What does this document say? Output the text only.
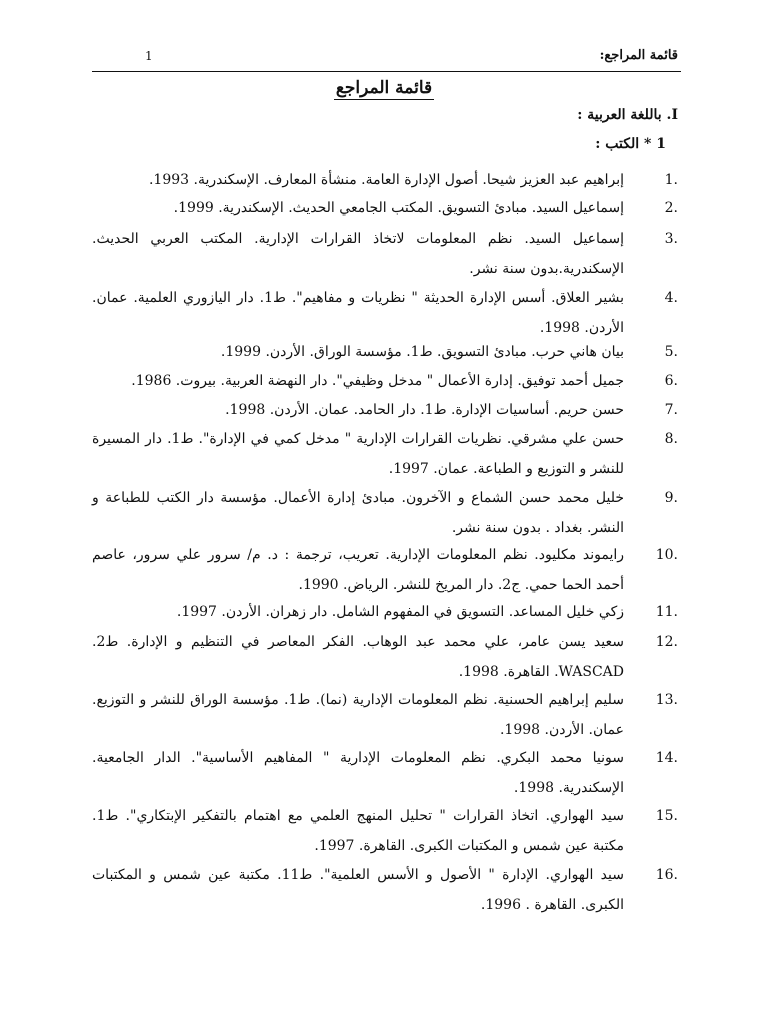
قائمة المراجع:
1
قائمة المراجع
I. باللغة العربية :
1 * الكتب :
1.
إبراهيم عبد العزيز شيحا. أصول الإدارة العامة. منشأة المعارف. الإسكندرية. 1993.
2.
إسماعيل السيد. مبادئ التسويق. المكتب الجامعي الحديث. الإسكندرية. 1999.
3.
إسماعيل السيد. نظم المعلومات لاتخاذ القرارات الإدارية. المكتب العربي الحديث. الإسكندرية.بدون سنة نشر.
4.
بشير العلاق. أسس الإدارة الحديثة " نظريات و مفاهيم". ط1. دار اليازوري العلمية. عمان. الأردن. 1998.
5.
بيان هاني حرب. مبادئ التسويق. ط1. مؤسسة الوراق. الأردن. 1999.
6.
جميل أحمد توفيق. إدارة الأعمال " مدخل وظيفي". دار النهضة العربية. بيروت. 1986.
7.
حسن حريم. أساسيات الإدارة. ط1. دار الحامد. عمان. الأردن. 1998.
8.
حسن علي مشرقي. نظريات القرارات الإدارية " مدخل كمي في الإدارة". ط1. دار المسيرة للنشر و التوزيع و الطباعة. عمان. 1997.
9.
خليل محمد حسن الشماع و الآخرون. مبادئ إدارة الأعمال. مؤسسة دار الكتب للطباعة و النشر. بغداد . بدون سنة نشر.
10.
رايموند مكليود. نظم المعلومات الإدارية. تعريب، ترجمة : د. م/ سرور علي سرور، عاصم أحمد الحما حمي. ج2. دار المريخ للنشر. الرياض. 1990.
11.
زكي خليل المساعد. التسويق في المفهوم الشامل. دار زهران. الأردن. 1997.
12.
سعيد يسن عامر، علي محمد عبد الوهاب. الفكر المعاصر في التنظيم و الإدارة. ط2. WASCAD. القاهرة. 1998.
13.
سليم إبراهيم الحسنية. نظم المعلومات الإدارية (نما). ط1. مؤسسة الوراق للنشر و التوزيع. عمان. الأردن. 1998.
14.
سونيا محمد البكري. نظم المعلومات الإدارية " المفاهيم الأساسية". الدار الجامعية. الإسكندرية. 1998.
15.
سيد الهواري. اتخاذ القرارات " تحليل المنهج العلمي مع اهتمام بالتفكير الإبتكاري". ط1. مكتبة عين شمس و المكتبات الكبرى. القاهرة. 1997.
16.
سيد الهواري. الإدارة " الأصول و الأسس العلمية". ط11. مكتبة عين شمس و المكتبات الكبرى. القاهرة . 1996.
